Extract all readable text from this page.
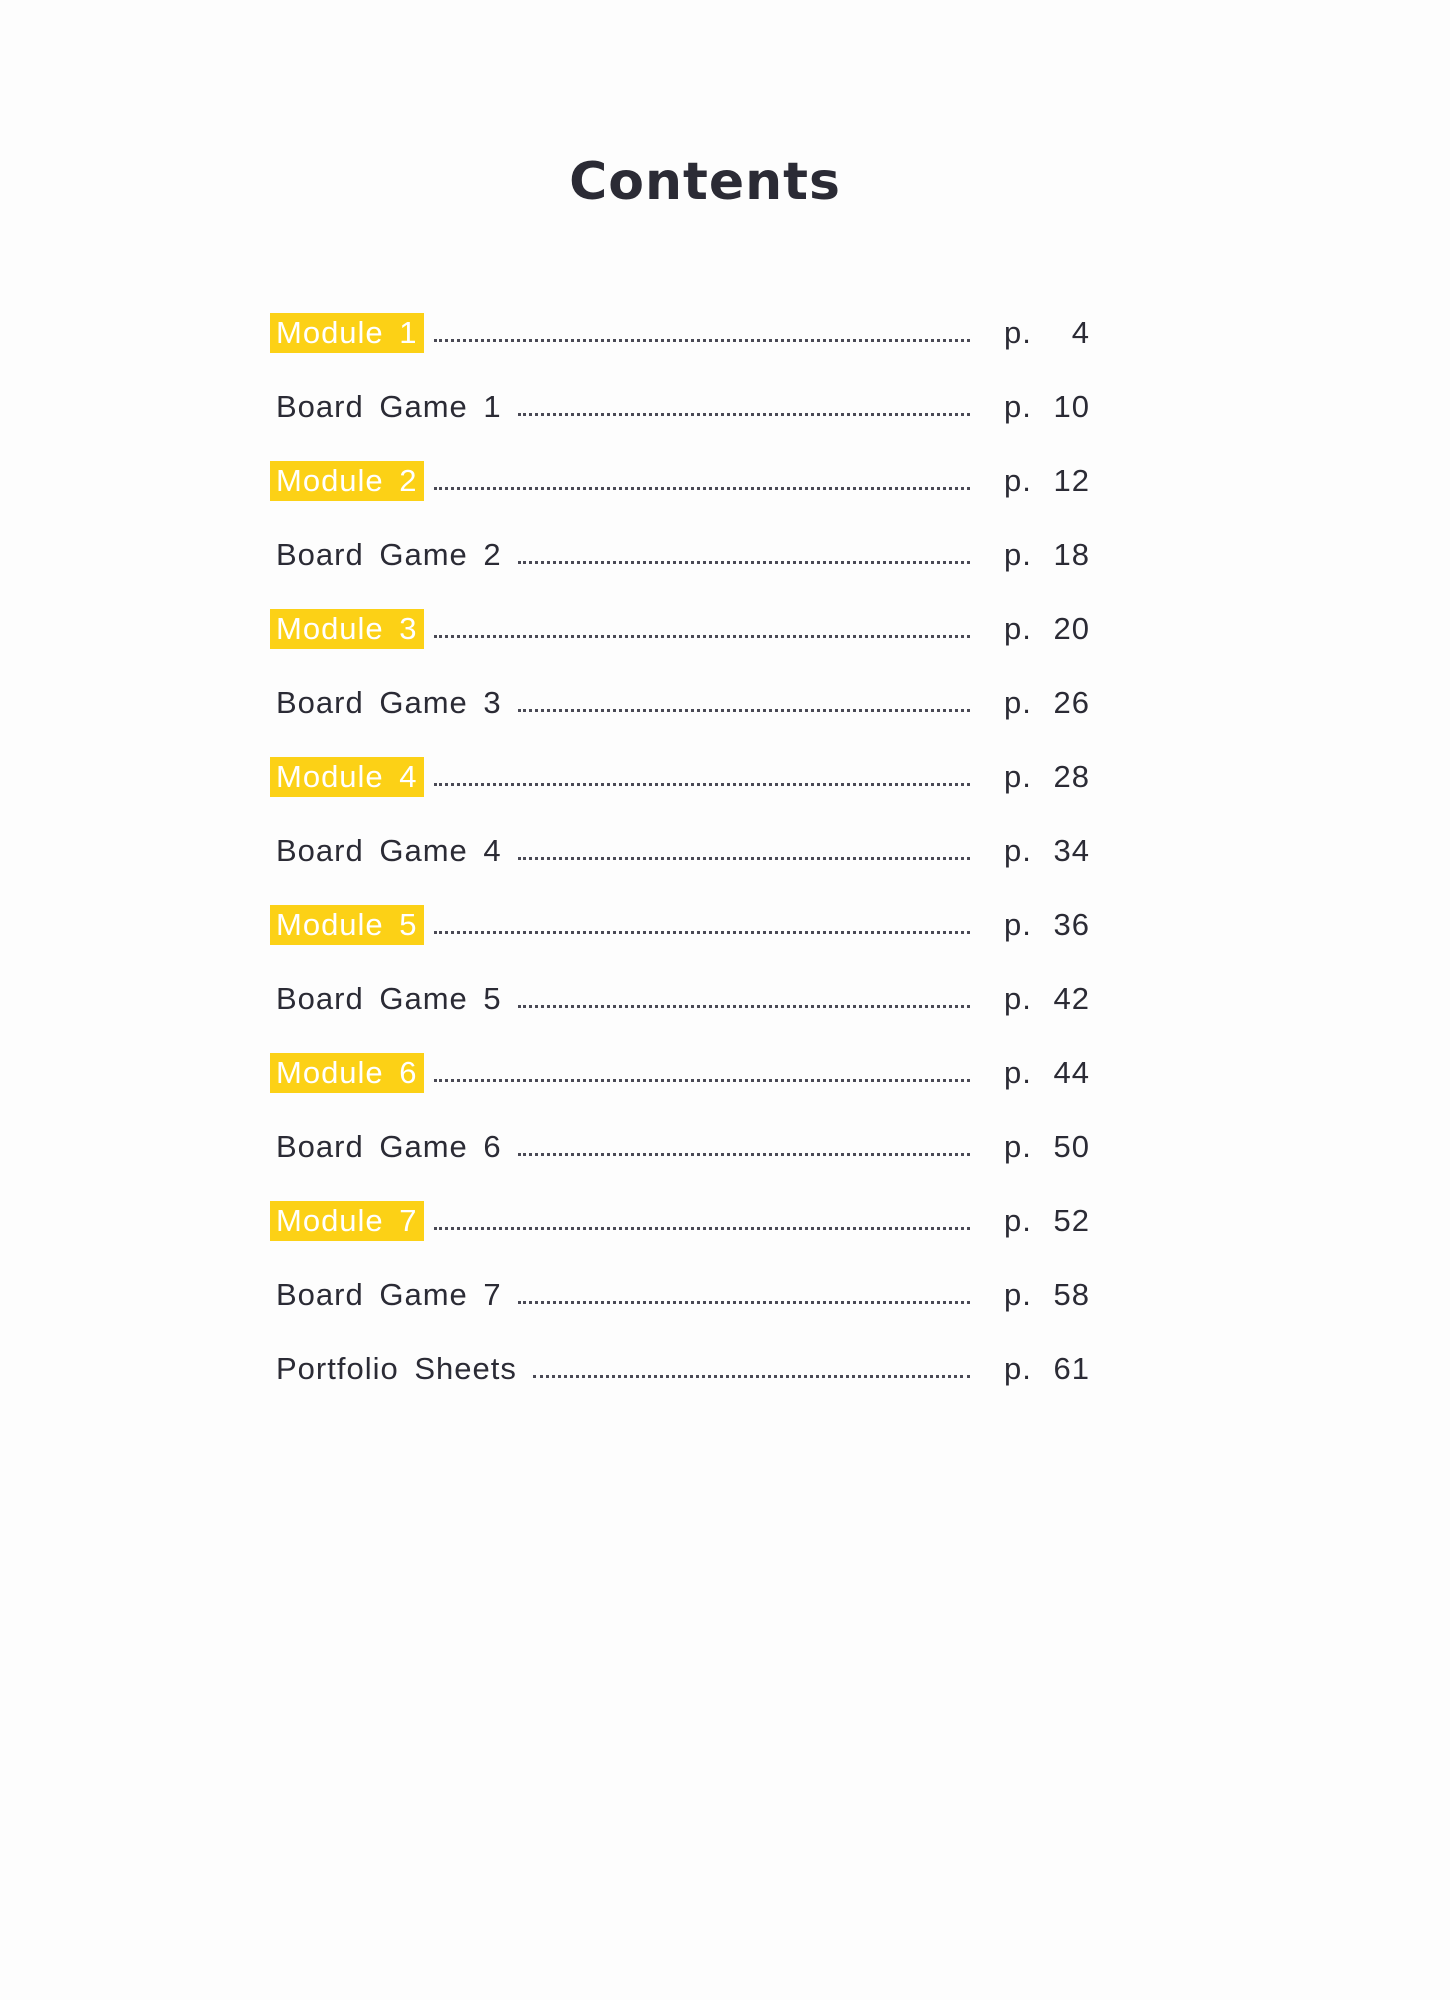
Contents
Module 1	p. 4
Board Game 1	p. 10
Module 2	p. 12
Board Game 2	p. 18
Module 3	p. 20
Board Game 3	p. 26
Module 4	p. 28
Board Game 4	p. 34
Module 5	p. 36
Board Game 5	p. 42
Module 6	p. 44
Board Game 6	p. 50
Module 7	p. 52
Board Game 7	p. 58
Portfolio Sheets	p. 61
